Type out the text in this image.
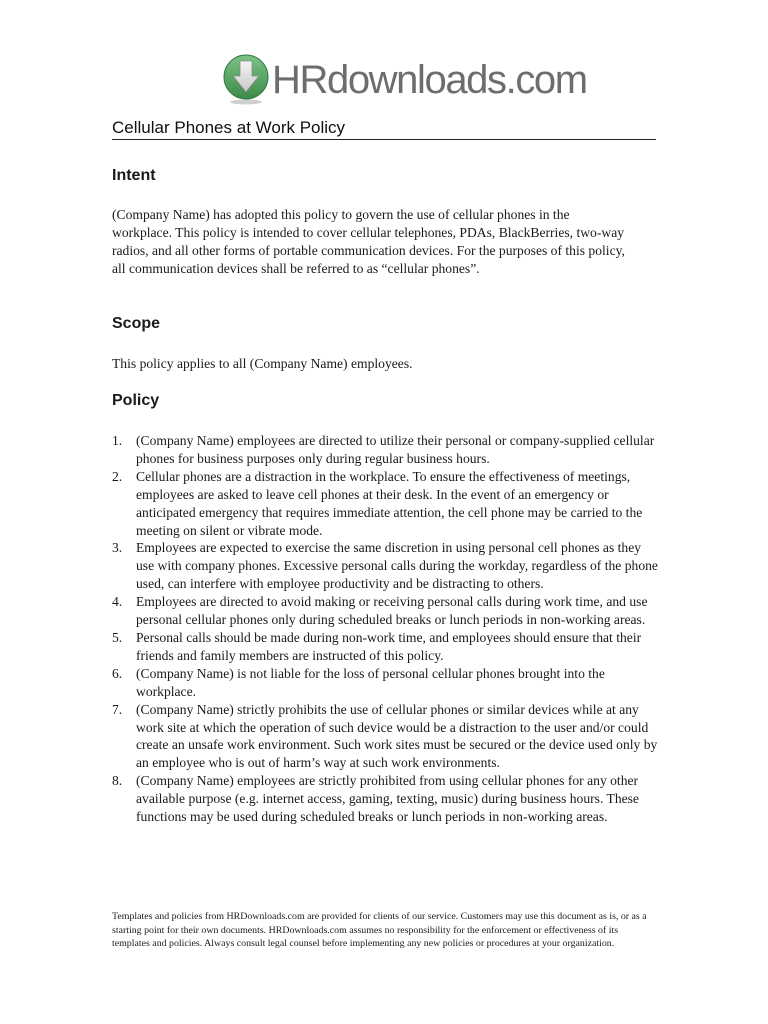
HRdownloads.com
Cellular Phones at Work Policy
Intent

(Company Name) has adopted this policy to govern the use of cellular phones in the workplace. This policy is intended to cover cellular telephones, PDAs, BlackBerries, two-way radios, and all other forms of portable communication devices. For the purposes of this policy, all communication devices shall be referred to as “cellular phones”.

Scope

This policy applies to all (Company Name) employees.

Policy
1. (Company Name) employees are directed to utilize their personal or company-supplied cellular phones for business purposes only during regular business hours.
2. Cellular phones are a distraction in the workplace. To ensure the effectiveness of meetings, employees are asked to leave cell phones at their desk. In the event of an emergency or anticipated emergency that requires immediate attention, the cell phone may be carried to the meeting on silent or vibrate mode.
3. Employees are expected to exercise the same discretion in using personal cell phones as they use with company phones. Excessive personal calls during the workday, regardless of the phone used, can interfere with employee productivity and be distracting to others.
4. Employees are directed to avoid making or receiving personal calls during work time, and use personal cellular phones only during scheduled breaks or lunch periods in non-working areas.
5. Personal calls should be made during non-work time, and employees should ensure that their friends and family members are instructed of this policy.
6. (Company Name) is not liable for the loss of personal cellular phones brought into the workplace.
7. (Company Name) strictly prohibits the use of cellular phones or similar devices while at any work site at which the operation of such device would be a distraction to the user and/or could create an unsafe work environment. Such work sites must be secured or the device used only by an employee who is out of harm’s way at such work environments.
8. (Company Name) employees are strictly prohibited from using cellular phones for any other available purpose (e.g. internet access, gaming, texting, music) during business hours. These functions may be used during scheduled breaks or lunch periods in non-working areas.

Templates and policies from HRDownloads.com are provided for clients of our service. Customers may use this document as is, or as a starting point for their own documents. HRDownloads.com assumes no responsibility for the enforcement or effectiveness of its templates and policies. Always consult legal counsel before implementing any new policies or procedures at your organization.
